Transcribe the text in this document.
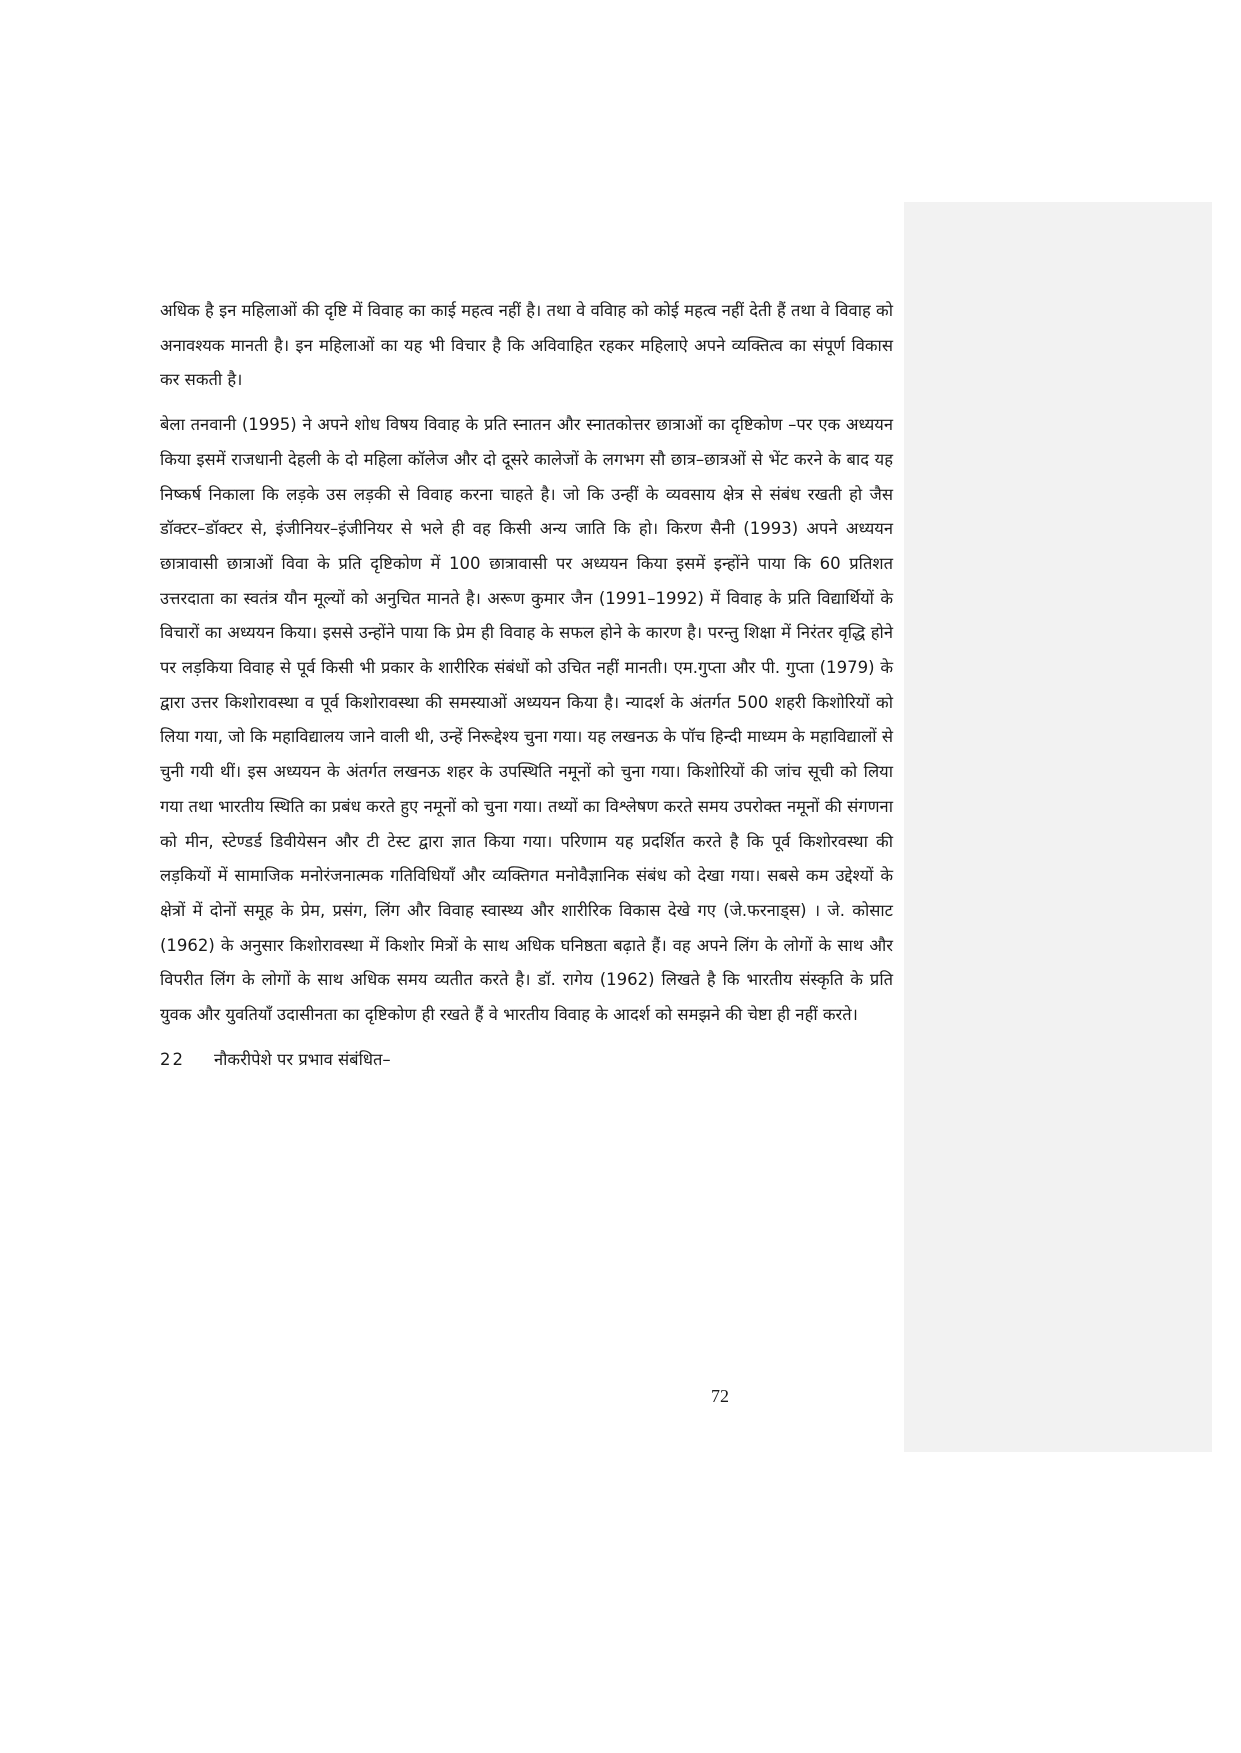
अधिक है इन महिलाओं की दृष्टि में विवाह का काई महत्व नहीं है। तथा वे ववािह को कोई महत्व नहीं देती हैं तथा वे विवाह को अनावश्यक मानती है। इन महिलाओं का यह भी विचार है कि अविवाहित रहकर महिलाऐ अपने व्यक्तित्व का संपूर्ण विकास कर सकती है।

बेला तनवानी (1995) ने अपने शोध विषय विवाह के प्रति स्नातन और स्नातकोत्तर छात्राओं का दृष्टिकोण –पर एक अध्ययन किया इसमें राजधानी देहली के दो महिला कॉलेज और दो दूसरे कालेजों के लगभग सौ छात्र–छात्रओं से भेंट करने के बाद यह निष्कर्ष निकाला कि लड़के उस लड़की से विवाह करना चाहते है। जो कि उन्हीं के व्यवसाय क्षेत्र से संबंध रखती हो जैस डॉक्टर–डॉक्टर से, इंजीनियर–इंजीनियर से भले ही वह किसी अन्य जाति कि हो। किरण सैनी (1993) अपने अध्ययन छात्रावासी छात्राओं विवा के प्रति दृष्टिकोण में 100 छात्रावासी पर अध्ययन किया इसमें इन्होंने पाया कि 60 प्रतिशत उत्तरदाता का स्वतंत्र यौन मूल्यों को अनुचित मानते है। अरूण कुमार जैन (1991–1992) में विवाह के प्रति विद्यार्थियों के विचारों का अध्ययन किया। इससे उन्होंने पाया कि प्रेम ही विवाह के सफल होने के कारण है। परन्तु शिक्षा में निरंतर वृद्धि होने पर लड़किया विवाह से पूर्व किसी भी प्रकार के शारीरिक संबंधों को उचित नहीं मानती। एम.गुप्ता और पी. गुप्ता (1979) के द्वारा उत्तर किशोरावस्था व पूर्व किशोरावस्था की समस्याओं अध्ययन किया है। न्यादर्श के अंतर्गत 500 शहरी किशोरियों को लिया गया, जो कि महाविद्यालय जाने वाली थी, उन्हें निरूद्देश्य चुना गया। यह लखनऊ के पॉच हिन्दी माध्यम के महाविद्यालों से चुनी गयी थीं। इस अध्ययन के अंतर्गत लखनऊ शहर के उपस्थिति नमूनों को चुना गया। किशोरियों की जांच सूची को लिया गया तथा भारतीय स्थिति का प्रबंध करते हुए नमूनों को चुना गया। तथ्यों का विश्लेषण करते समय उपरोक्त नमूनों की संगणना को मीन, स्टेण्डर्ड डिवीयेसन और टी टेस्ट द्वारा ज्ञात किया गया। परिणाम यह प्रदर्शित करते है कि पूर्व किशोरवस्था की लड़कियों में सामाजिक मनोरंजनात्मक गतिविधियाँ और व्यक्तिगत मनोवैज्ञानिक संबंध को देखा गया। सबसे कम उद्देश्यों के क्षेत्रों में दोनों समूह के प्रेम, प्रसंग, लिंग और विवाह स्वास्थ्य और शारीरिक विकास देखे गए (जे.फरनाड्स) । जे. कोसाट (1962) के अनुसार किशोरावस्था में किशोर मित्रों के साथ अधिक घनिष्ठता बढ़ाते हैं। वह अपने लिंग के लोगों के साथ और विपरीत लिंग के लोगों के साथ अधिक समय व्यतीत करते है। डॉ. रागेय (1962) लिखते है कि भारतीय संस्कृति के प्रति युवक और युवतियाँ उदासीनता का दृष्टिकोण ही रखते हैं वे भारतीय विवाह के आदर्श को समझने की चेष्टा ही नहीं करते।

22 नौकरीपेशे पर प्रभाव संबंधित–
72
